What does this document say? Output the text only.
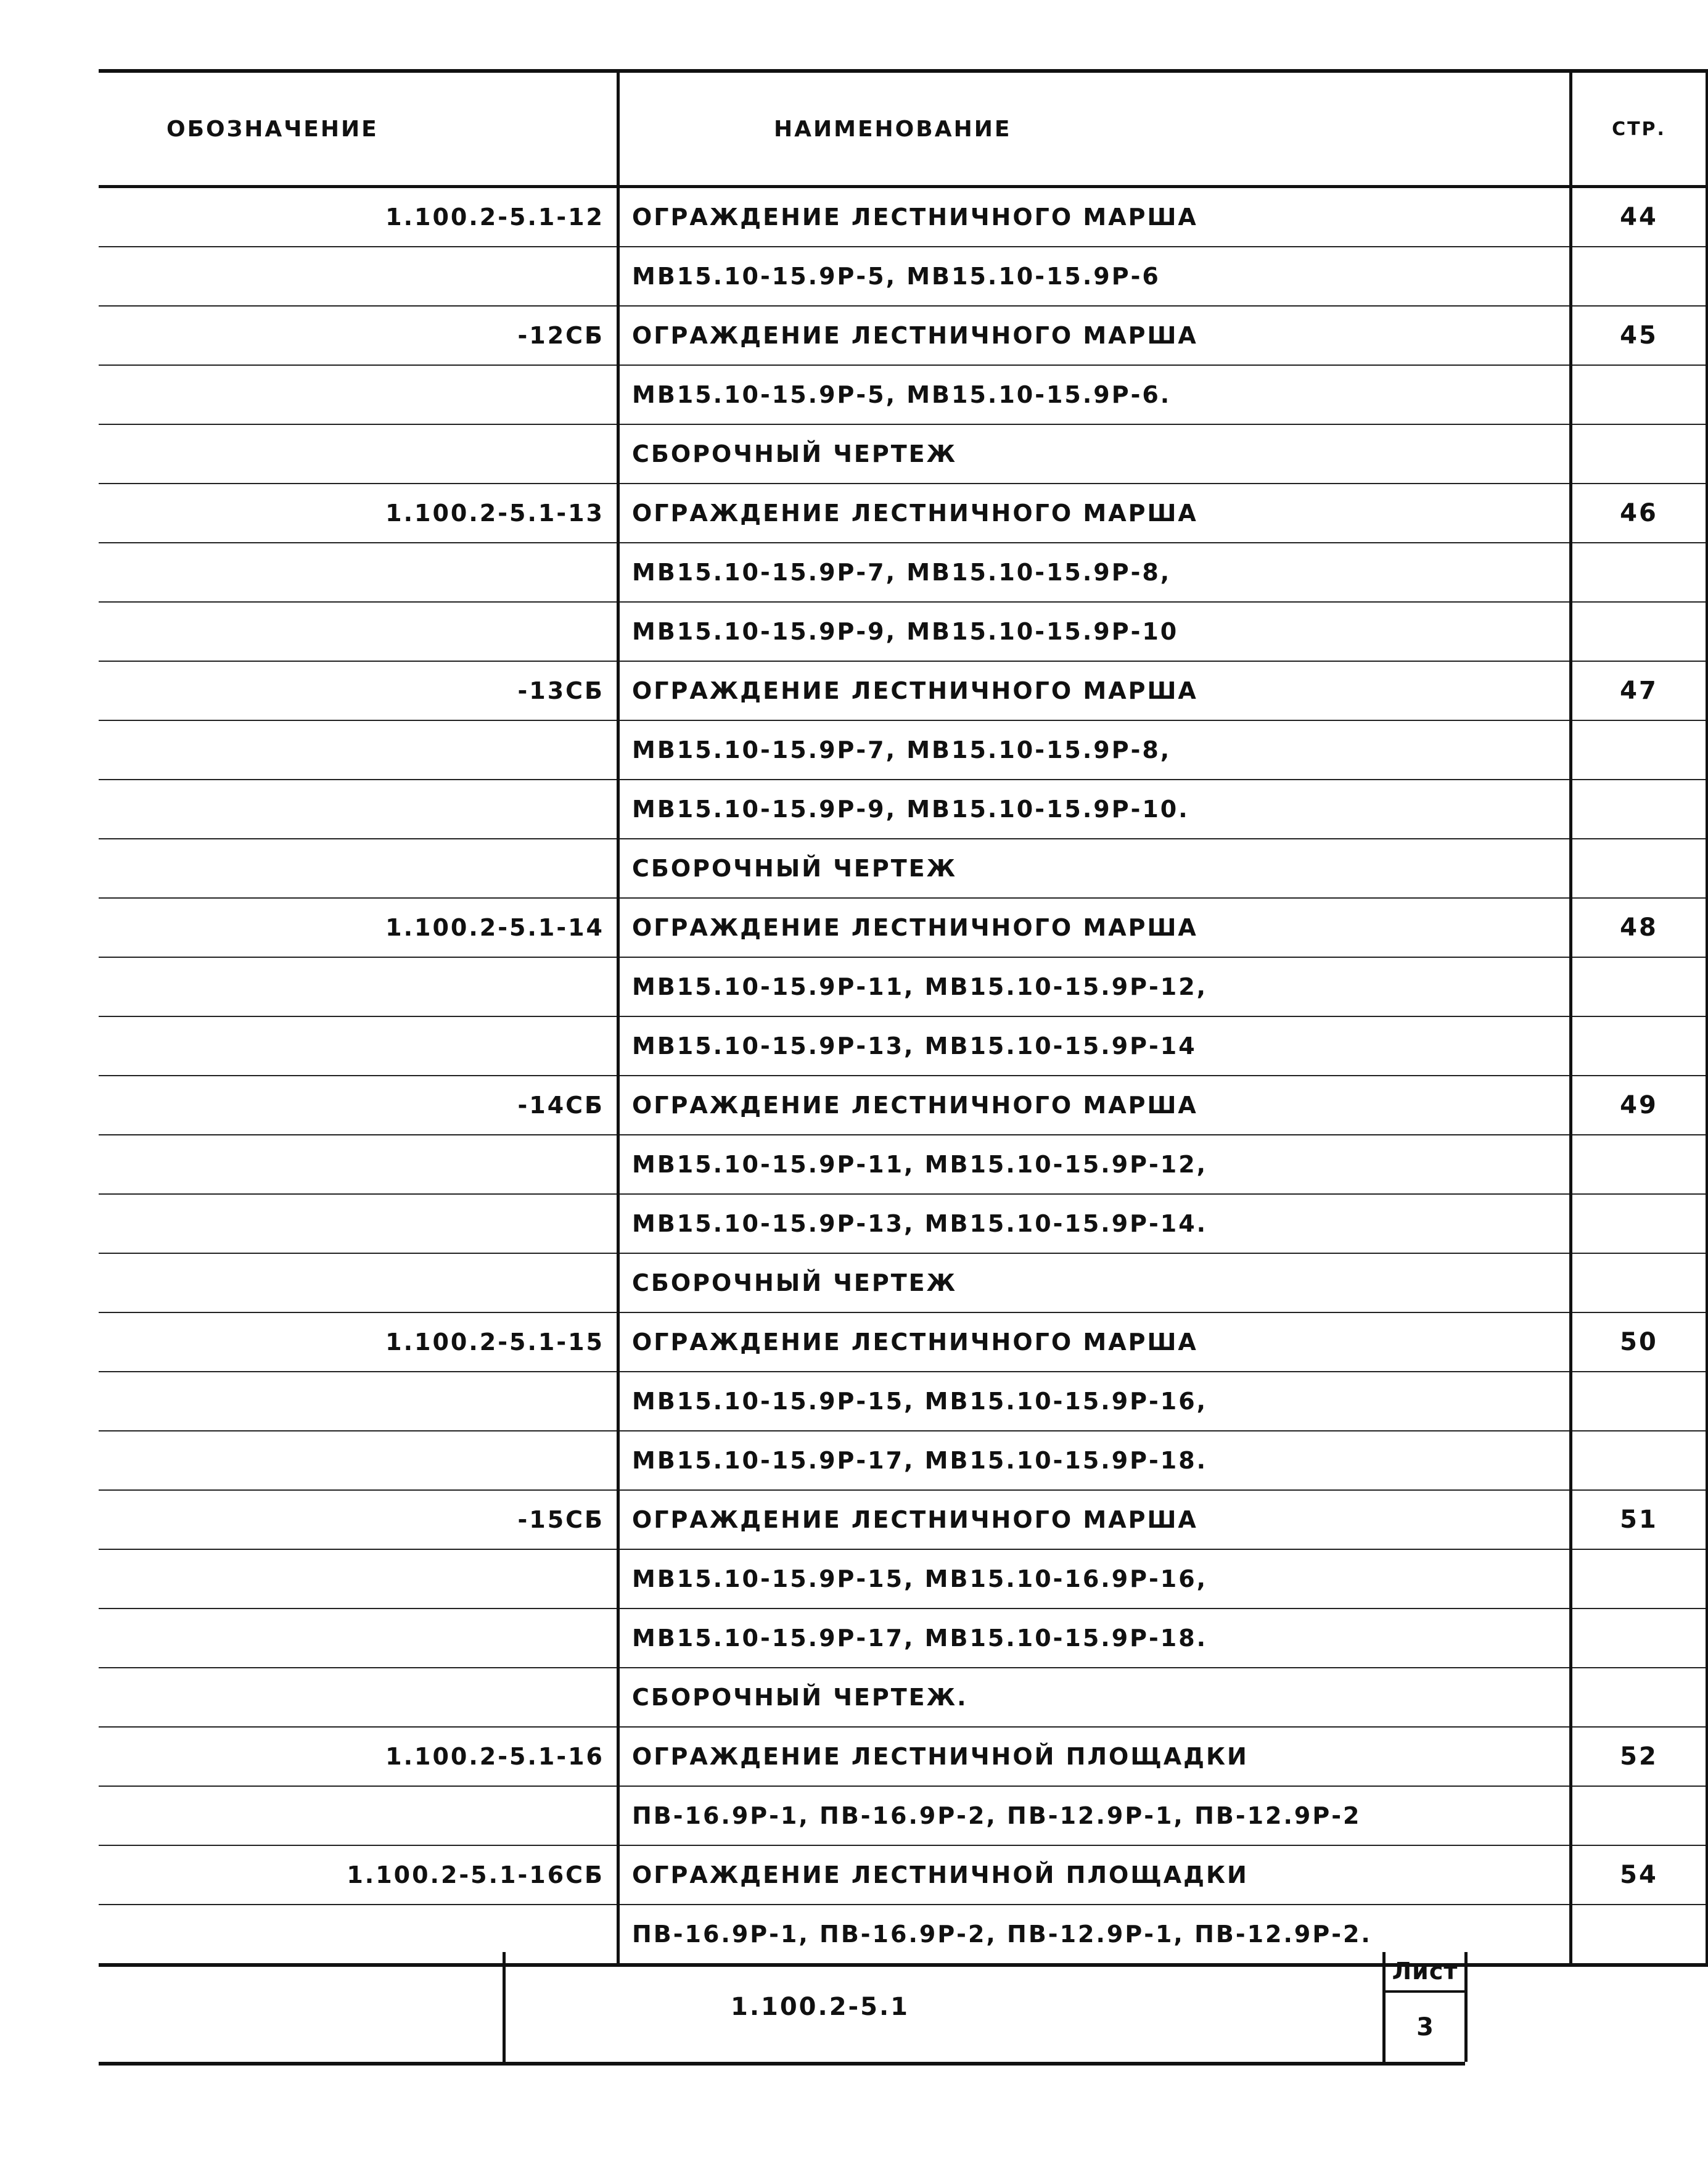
ОБОЗНАЧЕНИЕ	НАИМЕНОВАНИЕ	СТР.
1.100.2-5.1-12	ОГРАЖДЕНИЕ ЛЕСТНИЧНОГО МАРША	44
	МВ15.10-15.9Р-5, МВ15.10-15.9Р-6	
-12СБ	ОГРАЖДЕНИЕ ЛЕСТНИЧНОГО МАРША	45
	МВ15.10-15.9Р-5, МВ15.10-15.9Р-6.	
	СБОРОЧНЫЙ ЧЕРТЕЖ	
1.100.2-5.1-13	ОГРАЖДЕНИЕ ЛЕСТНИЧНОГО МАРША	46
	МВ15.10-15.9Р-7, МВ15.10-15.9Р-8,	
	МВ15.10-15.9Р-9, МВ15.10-15.9Р-10	
-13СБ	ОГРАЖДЕНИЕ ЛЕСТНИЧНОГО МАРША	47
	МВ15.10-15.9Р-7, МВ15.10-15.9Р-8,	
	МВ15.10-15.9Р-9, МВ15.10-15.9Р-10.	
	СБОРОЧНЫЙ ЧЕРТЕЖ	
1.100.2-5.1-14	ОГРАЖДЕНИЕ ЛЕСТНИЧНОГО МАРША	48
	МВ15.10-15.9Р-11, МВ15.10-15.9Р-12,	
	МВ15.10-15.9Р-13, МВ15.10-15.9Р-14	
-14СБ	ОГРАЖДЕНИЕ ЛЕСТНИЧНОГО МАРША	49
	МВ15.10-15.9Р-11, МВ15.10-15.9Р-12,	
	МВ15.10-15.9Р-13, МВ15.10-15.9Р-14.	
	СБОРОЧНЫЙ ЧЕРТЕЖ	
1.100.2-5.1-15	ОГРАЖДЕНИЕ ЛЕСТНИЧНОГО МАРША	50
	МВ15.10-15.9Р-15, МВ15.10-15.9Р-16,	
	МВ15.10-15.9Р-17, МВ15.10-15.9Р-18.	
-15СБ	ОГРАЖДЕНИЕ ЛЕСТНИЧНОГО МАРША	51
	МВ15.10-15.9Р-15, МВ15.10-16.9Р-16,	
	МВ15.10-15.9Р-17, МВ15.10-15.9Р-18.	
	СБОРОЧНЫЙ ЧЕРТЕЖ.	
1.100.2-5.1-16	ОГРАЖДЕНИЕ ЛЕСТНИЧНОЙ ПЛОЩАДКИ	52
	ПВ-16.9Р-1, ПВ-16.9Р-2, ПВ-12.9Р-1, ПВ-12.9Р-2	
1.100.2-5.1-16СБ	ОГРАЖДЕНИЕ ЛЕСТНИЧНОЙ ПЛОЩАДКИ	54
	ПВ-16.9Р-1, ПВ-16.9Р-2, ПВ-12.9Р-1, ПВ-12.9Р-2.	
1.100.2-5.1
Лист
3
